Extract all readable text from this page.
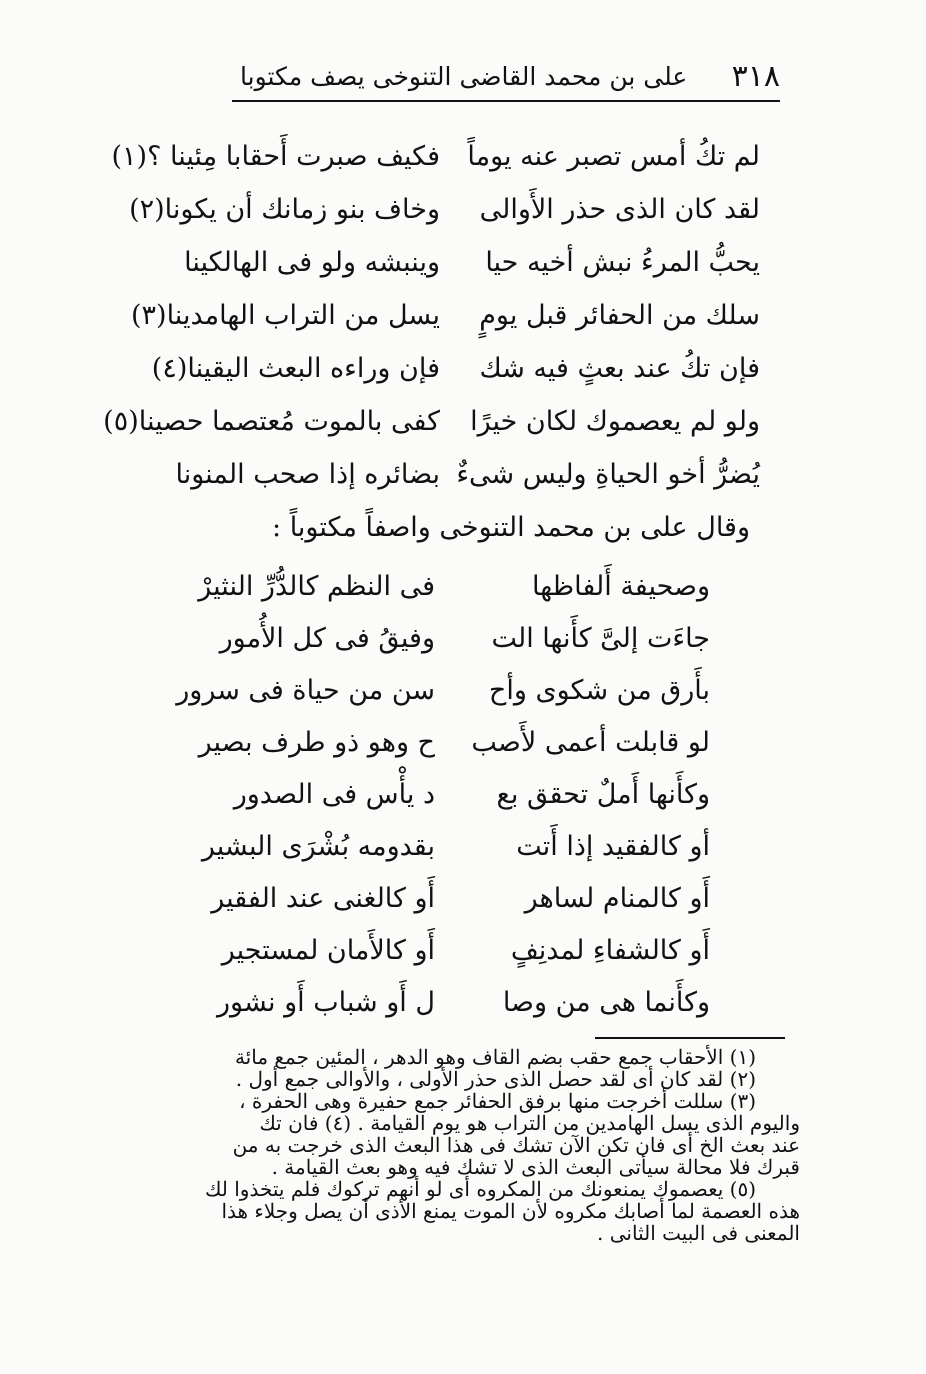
٣١٨
على بن محمد القاضى التنوخى يصف مكتوبا
لم تكُ أمس تصبر عنه يوماً
فكيف صبرت أَحقابا مِئينا ؟(١)
لقد كان الذى حذر الأَوالى
وخاف بنو زمانك أن يكونا(٢)
يحبُّ المرءُ نبش أخيه حيا
وينبشه ولو فى الهالكينا
سلك من الحفائر قبل يومٍ
يسل من التراب الهامدينا(٣)
فإن تكُ عند بعثٍ فيه شك
فإن وراءه البعث اليقينا(٤)
ولو لم يعصموك لكان خيرًا
كفى بالموت مُعتصما حصينا(٥)
يُضرُّ أخو الحياةِ وليس شىءٌ
بضائره إذا صحب المنونا
وقال على بن محمد التنوخى واصفاً مكتوباً :
وصحيفة أَلفاظها
فى النظم كالدُّرِّ النثيرْ
جاءَت إلىَّ كأَنها الت
وفيقُ فى كل الأُمور
بأَرق من شكوى وأح
سن من حياة فى سرور
لو قابلت أعمى لأَصب
ح وهو ذو طرف بصير
وكأَنها أَملٌ تحقق بع
د يأْس فى الصدور
أو كالفقيد إذا أَتت
بقدومه بُشْرَى البشير
أَو كالمنام لساهر
أَو كالغنى عند الفقير
أَو كالشفاءِ لمدنِفٍ
أَو كالأَمان لمستجير
وكأَنما هى من وصا
ل أَو شباب أَو نشور

(١) الأحقاب جمع حقب بضم القاف وهو الدهر ، المئين جمع مائة

(٢) لقد كان أى لقد حصل الذى حذر الأولى ، والأوالى جمع أول .

(٣) سللت أخرجت منها برفق الحفائر جمع حفيرة وهى الحفرة ،

واليوم الذى يسل الهامدين من التراب هو يوم القيامة . (٤) فان تك

عند بعث الخ أى فان تكن الآن تشك فى هذا البعث الذى خرجت به من

قبرك فلا محالة سيأتى البعث الذى لا تشك فيه وهو بعث القيامة .

(٥) يعصموك يمنعونك من المكروه أى لو أنهم تركوك فلم يتخذوا لك

هذه العصمة لما أصابك مكروه لأن الموت يمنع الأذى أن يصل وجلاء هذا

المعنى فى البيت الثانى .
